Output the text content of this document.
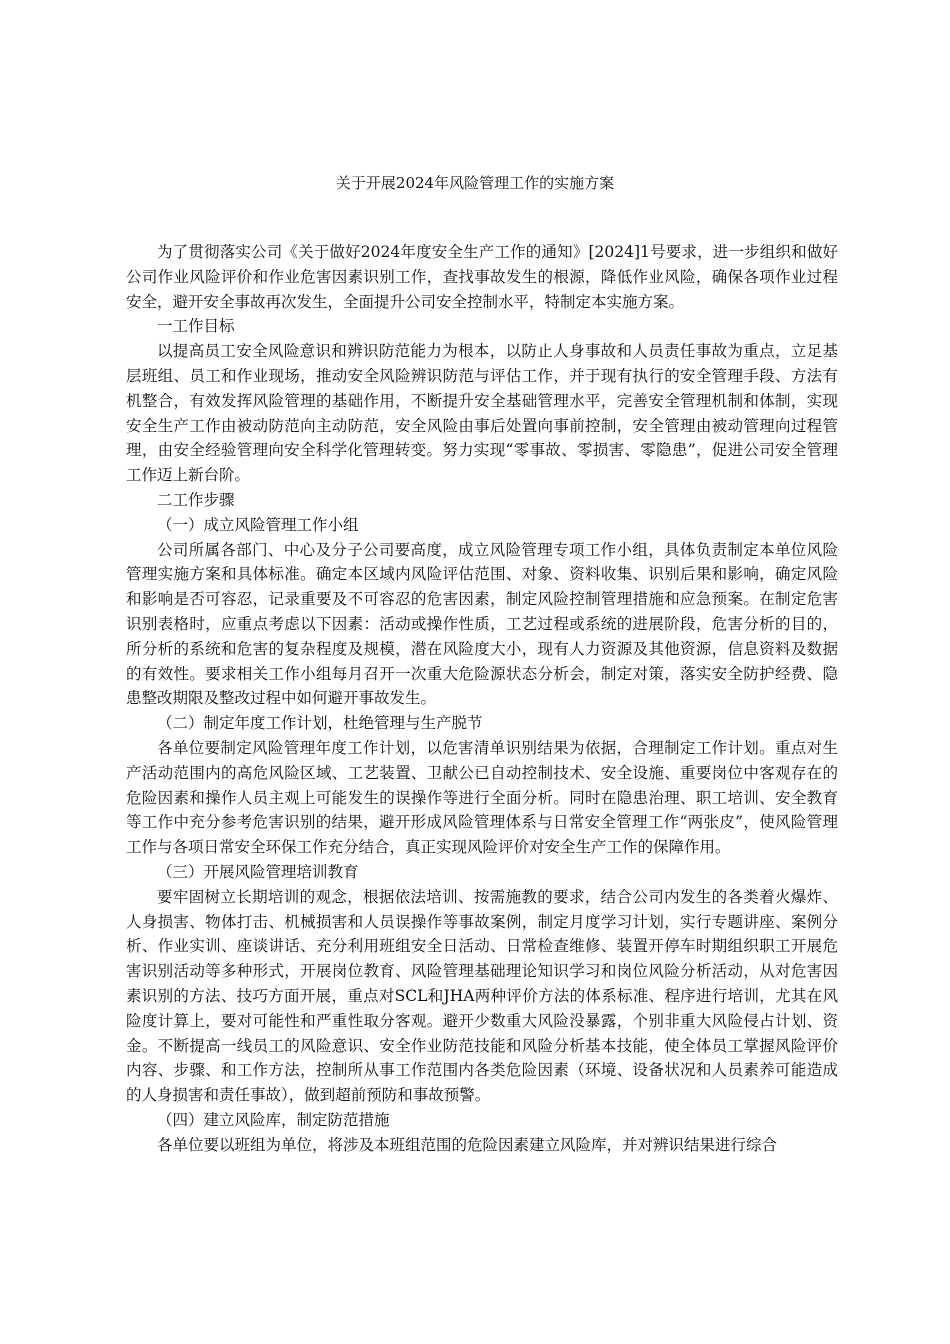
关于开展2024年风险管理工作的实施方案

为了贯彻落实公司《关于做好2024年度安全生产工作的通知》[2024]1号要求，进一步组织和做好公司作业风险评价和作业危害因素识别工作，查找事故发生的根源，降低作业风险，确保各项作业过程安全，避开安全事故再次发生，全面提升公司安全控制水平，特制定本实施方案。

一工作目标

以提高员工安全风险意识和辨识防范能力为根本，以防止人身事故和人员责任事故为重点，立足基层班组、员工和作业现场，推动安全风险辨识防范与评估工作，并于现有执行的安全管理手段、方法有机整合，有效发挥风险管理的基础作用，不断提升安全基础管理水平，完善安全管理机制和体制，实现安全生产工作由被动防范向主动防范，安全风险由事后处置向事前控制，安全管理由被动管理向过程管理，由安全经验管理向安全科学化管理转变。努力实现“零事故、零损害、零隐患”，促进公司安全管理工作迈上新台阶。

二工作步骤

（一）成立风险管理工作小组

公司所属各部门、中心及分子公司要高度，成立风险管理专项工作小组，具体负责制定本单位风险管理实施方案和具体标准。确定本区域内风险评估范围、对象、资料收集、识别后果和影响，确定风险和影响是否可容忍，记录重要及不可容忍的危害因素，制定风险控制管理措施和应急预案。在制定危害识别表格时，应重点考虑以下因素：活动或操作性质，工艺过程或系统的进展阶段，危害分析的目的，所分析的系统和危害的复杂程度及规模，潜在风险度大小，现有人力资源及其他资源，信息资料及数据的有效性。要求相关工作小组每月召开一次重大危险源状态分析会，制定对策，落实安全防护经费、隐患整改期限及整改过程中如何避开事故发生。

（二）制定年度工作计划，杜绝管理与生产脱节

各单位要制定风险管理年度工作计划，以危害清单识别结果为依据，合理制定工作计划。重点对生产活动范围内的高危风险区域、工艺装置、卫献公已自动控制技术、安全设施、重要岗位中客观存在的危险因素和操作人员主观上可能发生的误操作等进行全面分析。同时在隐患治理、职工培训、安全教育等工作中充分参考危害识别的结果，避开形成风险管理体系与日常安全管理工作“两张皮”，使风险管理工作与各项日常安全环保工作充分结合，真正实现风险评价对安全生产工作的保障作用。

（三）开展风险管理培训教育

要牢固树立长期培训的观念，根据依法培训、按需施教的要求，结合公司内发生的各类着火爆炸、人身损害、物体打击、机械损害和人员误操作等事故案例，制定月度学习计划，实行专题讲座、案例分析、作业实训、座谈讲话、充分利用班组安全日活动、日常检查维修、装置开停车时期组织职工开展危害识别活动等多种形式，开展岗位教育、风险管理基础理论知识学习和岗位风险分析活动，从对危害因素识别的方法、技巧方面开展，重点对SCL和JHA两种评价方法的体系标准、程序进行培训，尤其在风险度计算上，要对可能性和严重性取分客观。避开少数重大风险没暴露，个别非重大风险侵占计划、资金。不断提高一线员工的风险意识、安全作业防范技能和风险分析基本技能，使全体员工掌握风险评价内容、步骤、和工作方法，控制所从事工作范围内各类危险因素（环境、设备状况和人员素养可能造成的人身损害和责任事故），做到超前预防和事故预警。

（四）建立风险库，制定防范措施

各单位要以班组为单位，将涉及本班组范围的危险因素建立风险库，并对辨识结果进行综合
